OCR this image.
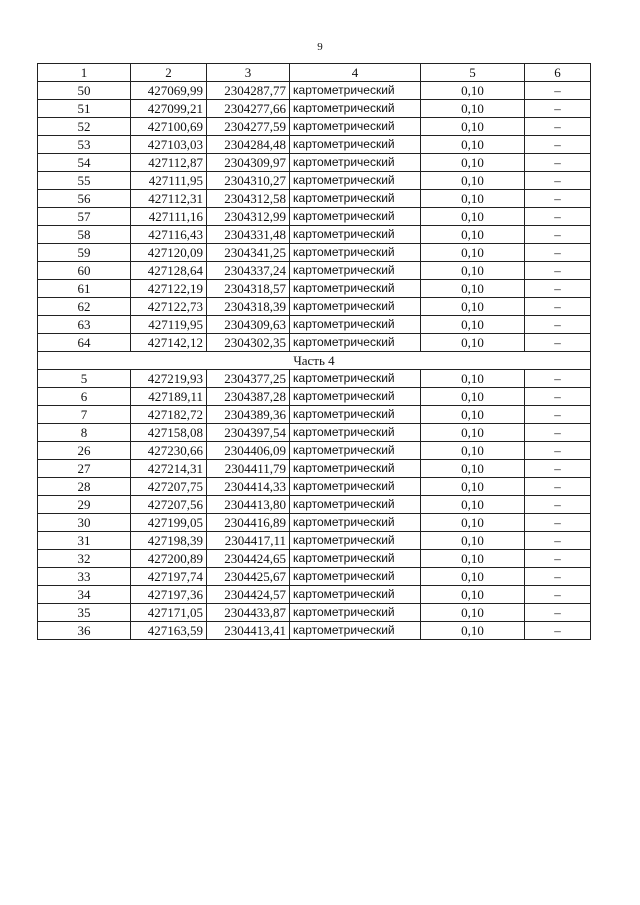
9
1	2	3	4	5	6
50	427069,99	2304287,77	картометрический	0,10	–
51	427099,21	2304277,66	картометрический	0,10	–
52	427100,69	2304277,59	картометрический	0,10	–
53	427103,03	2304284,48	картометрический	0,10	–
54	427112,87	2304309,97	картометрический	0,10	–
55	427111,95	2304310,27	картометрический	0,10	–
56	427112,31	2304312,58	картометрический	0,10	–
57	427111,16	2304312,99	картометрический	0,10	–
58	427116,43	2304331,48	картометрический	0,10	–
59	427120,09	2304341,25	картометрический	0,10	–
60	427128,64	2304337,24	картометрический	0,10	–
61	427122,19	2304318,57	картометрический	0,10	–
62	427122,73	2304318,39	картометрический	0,10	–
63	427119,95	2304309,63	картометрический	0,10	–
64	427142,12	2304302,35	картометрический	0,10	–
Часть 4					
5	427219,93	2304377,25	картометрический	0,10	–
6	427189,11	2304387,28	картометрический	0,10	–
7	427182,72	2304389,36	картометрический	0,10	–
8	427158,08	2304397,54	картометрический	0,10	–
26	427230,66	2304406,09	картометрический	0,10	–
27	427214,31	2304411,79	картометрический	0,10	–
28	427207,75	2304414,33	картометрический	0,10	–
29	427207,56	2304413,80	картометрический	0,10	–
30	427199,05	2304416,89	картометрический	0,10	–
31	427198,39	2304417,11	картометрический	0,10	–
32	427200,89	2304424,65	картометрический	0,10	–
33	427197,74	2304425,67	картометрический	0,10	–
34	427197,36	2304424,57	картометрический	0,10	–
35	427171,05	2304433,87	картометрический	0,10	–
36	427163,59	2304413,41	картометрический	0,10	–
